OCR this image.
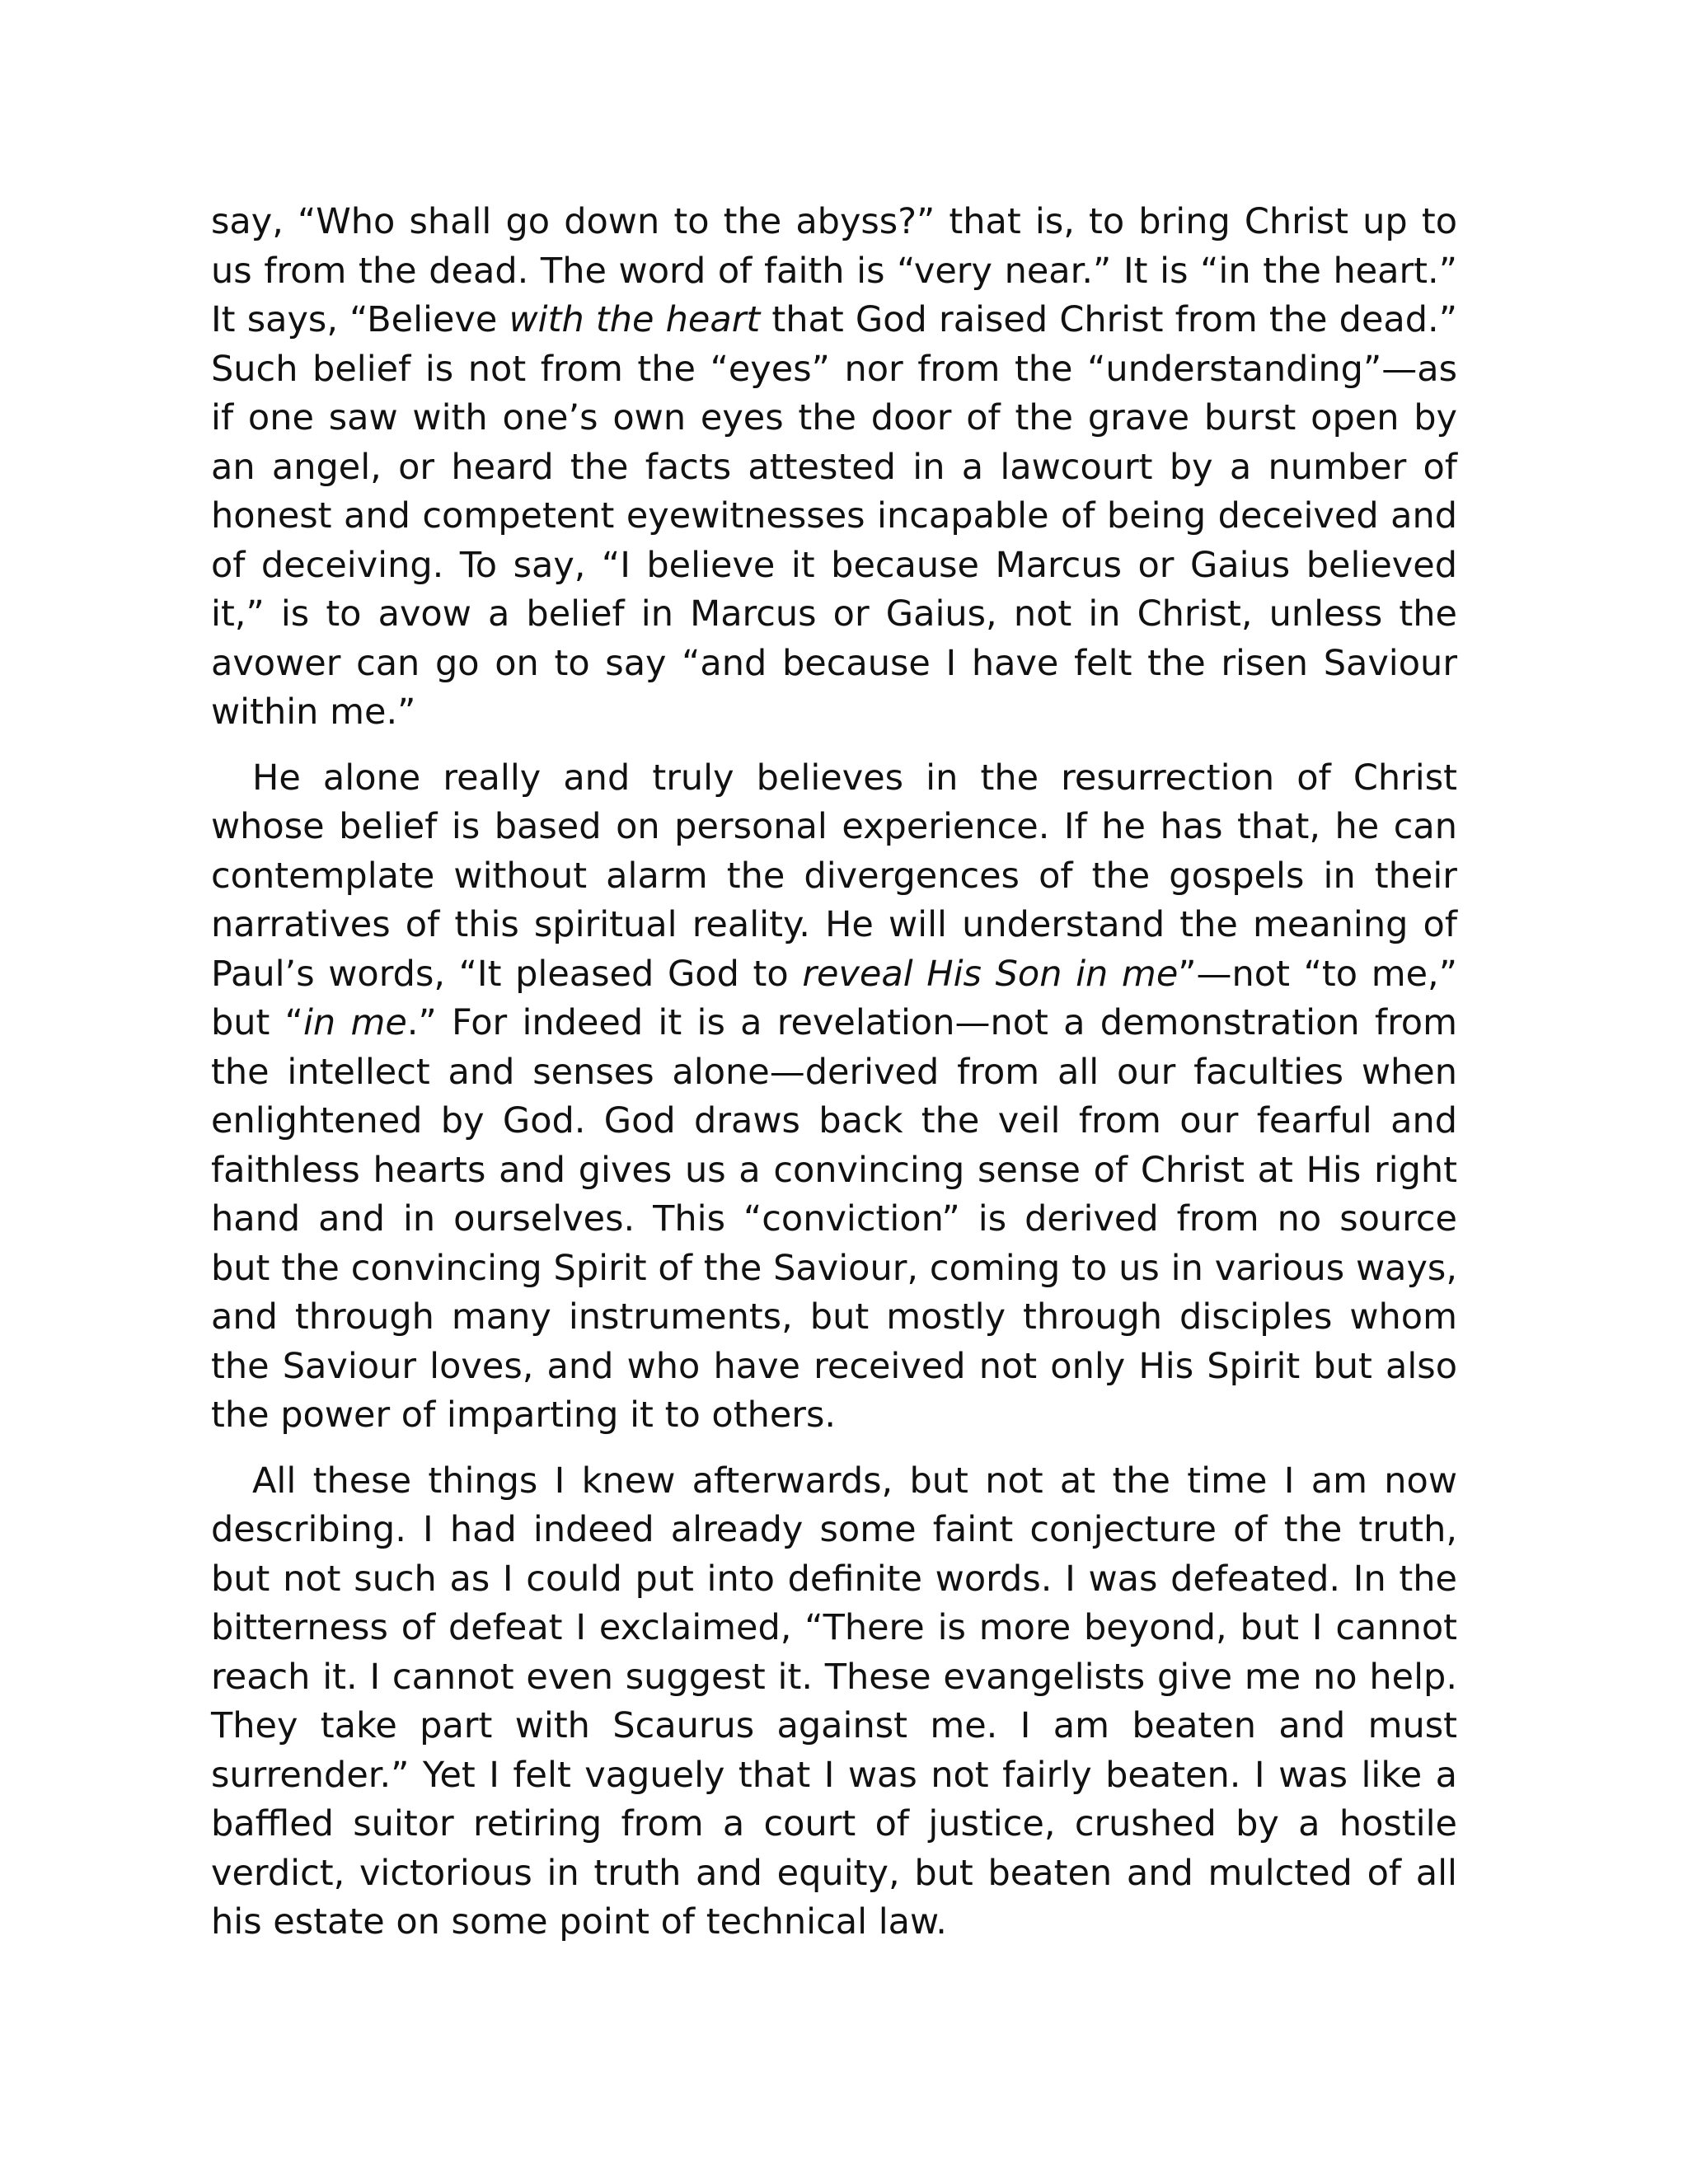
say, “Who shall go down to the abyss?” that is, to bring Christ up to us from the dead. The word of faith is “very near.” It is “in the heart.” It says, “Believe with the heart that God raised Christ from the dead.” Such belief is not from the “eyes” nor from the “understanding”—as if one saw with one’s own eyes the door of the grave burst open by an angel, or heard the facts attested in a lawcourt by a number of honest and competent eyewitnesses incapable of being deceived and of deceiving. To say, “I believe it because Marcus or Gaius believed it,” is to avow a belief in Marcus or Gaius, not in Christ, unless the avower can go on to say “and because I have felt the risen Saviour within me.”

He alone really and truly believes in the resurrection of Christ whose belief is based on personal experience. If he has that, he can contemplate without alarm the divergences of the gospels in their narratives of this spiritual reality. He will understand the meaning of Paul’s words, “It pleased God to reveal His Son in me”—not “to me,” but “in me.” For indeed it is a revelation—not a demonstration from the intellect and senses alone—derived from all our faculties when enlightened by God. God draws back the veil from our fearful and faithless hearts and gives us a convincing sense of Christ at His right hand and in ourselves. This “conviction” is derived from no source but the convincing Spirit of the Saviour, coming to us in various ways, and through many instruments, but mostly through disciples whom the Saviour loves, and who have received not only His Spirit but also the power of imparting it to others.

All these things I knew afterwards, but not at the time I am now describing. I had indeed already some faint conjecture of the truth, but not such as I could put into definite words. I was defeated. In the bitterness of defeat I exclaimed, “There is more beyond, but I cannot reach it. I cannot even suggest it. These evangelists give me no help. They take part with Scaurus against me. I am beaten and must surrender.” Yet I felt vaguely that I was not fairly beaten. I was like a baffled suitor retiring from a court of justice, crushed by a hostile verdict, victorious in truth and equity, but beaten and mulcted of all his estate on some point of technical law.
